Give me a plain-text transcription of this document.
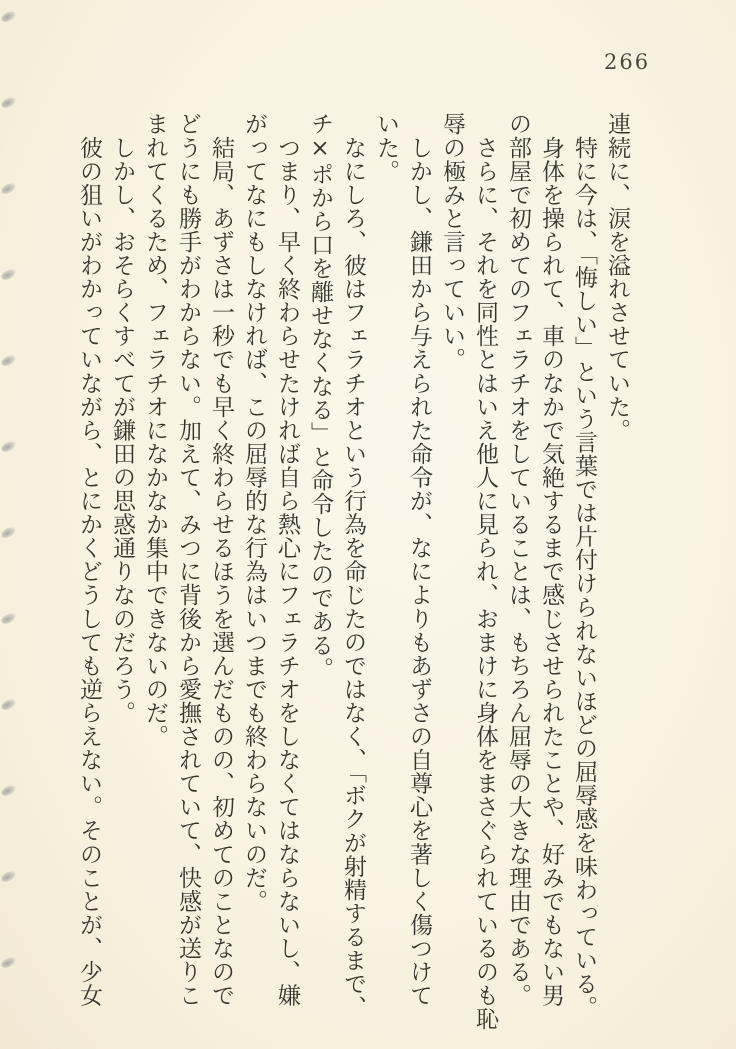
266

連続に、涙を溢れさせていた。

　特に今は、「悔しい」という言葉では片付けられないほどの屈辱感を味わっている。

　身体を操られて、車のなかで気絶するまで感じさせられたことや、好みでもない男

の部屋で初めてのフェラチオをしていることは、もちろん屈辱の大きな理由である。

　さらに、それを同性とはいえ他人に見られ、おまけに身体をまさぐられているのも恥

辱の極みと言っていい。

　しかし、鎌田から与えられた命令が、なによりもあずさの自尊心を著しく傷つけて

いた。

　なにしろ、彼はフェラチオという行為を命じたのではなく、「ボクが射精するまで、

チ×ポから口を離せなくなる」と命令したのである。

　つまり、早く終わらせたければ自ら熱心にフェラチオをしなくてはならないし、嫌

がってなにもしなければ、この屈辱的な行為はいつまでも終わらないのだ。

　結局、あずさは一秒でも早く終わらせるほうを選んだものの、初めてのことなので

どうにも勝手がわからない。加えて、みつに背後から愛撫されていて、快感が送りこ

まれてくるため、フェラチオになかなか集中できないのだ。

　しかし、おそらくすべてが鎌田の思惑通りなのだろう。

　彼の狙いがわかっていながら、とにかくどうしても逆らえない。そのことが、少女
